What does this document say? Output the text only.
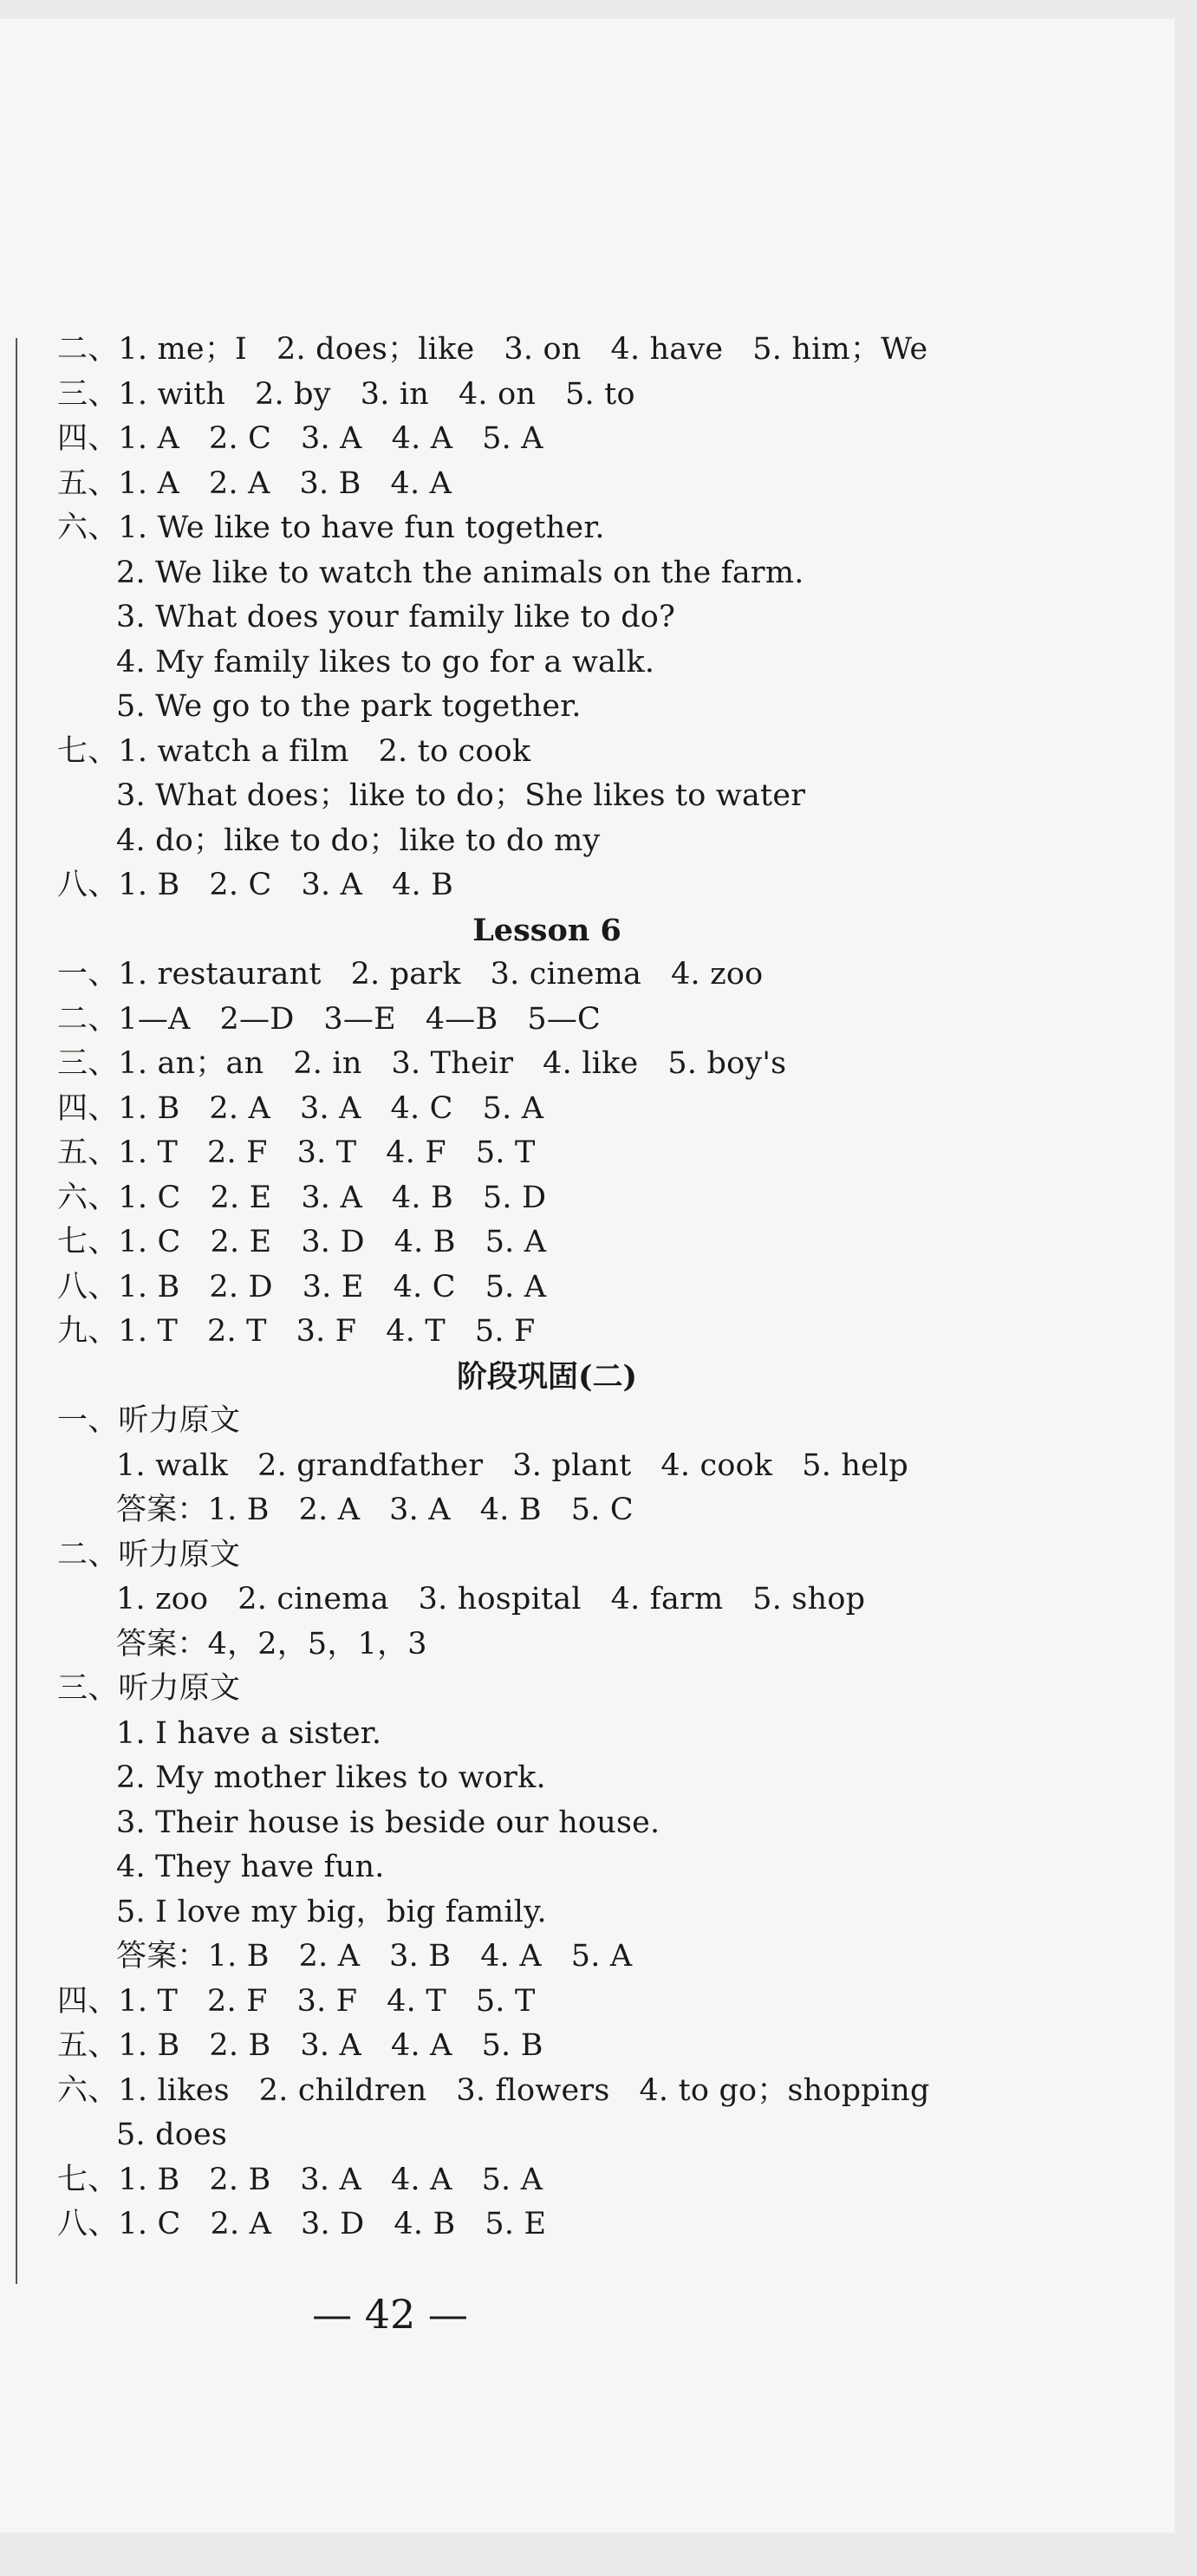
二、1. me；I   2. does；like   3. on   4. have   5. him；We
三、1. with   2. by   3. in   4. on   5. to
四、1. A   2. C   3. A   4. A   5. A
五、1. A   2. A   3. B   4. A
六、1. We like to have fun together.
2. We like to watch the animals on the farm.
3. What does your family like to do?
4. My family likes to go for a walk.
5. We go to the park together.
七、1. watch a film   2. to cook
3. What does；like to do；She likes to water
4. do；like to do；like to do my
八、1. B   2. C   3. A   4. B
Lesson 6
一、1. restaurant   2. park   3. cinema   4. zoo
二、1—A   2—D   3—E   4—B   5—C
三、1. an；an   2. in   3. Their   4. like   5. boy's
四、1. B   2. A   3. A   4. C   5. A
五、1. T   2. F   3. T   4. F   5. T
六、1. C   2. E   3. A   4. B   5. D
七、1. C   2. E   3. D   4. B   5. A
八、1. B   2. D   3. E   4. C   5. A
九、1. T   2. T   3. F   4. T   5. F
阶段巩固(二)
一、听力原文
1. walk   2. grandfather   3. plant   4. cook   5. help
答案：1. B   2. A   3. A   4. B   5. C
二、听力原文
1. zoo   2. cinema   3. hospital   4. farm   5. shop
答案：4，2，5，1，3
三、听力原文
1. I have a sister.
2. My mother likes to work.
3. Their house is beside our house.
4. They have fun.
5. I love my big，big family.
答案：1. B   2. A   3. B   4. A   5. A
四、1. T   2. F   3. F   4. T   5. T
五、1. B   2. B   3. A   4. A   5. B
六、1. likes   2. children   3. flowers   4. to go；shopping
5. does
七、1. B   2. B   3. A   4. A   5. A
八、1. C   2. A   3. D   4. B   5. E
— 42 —
